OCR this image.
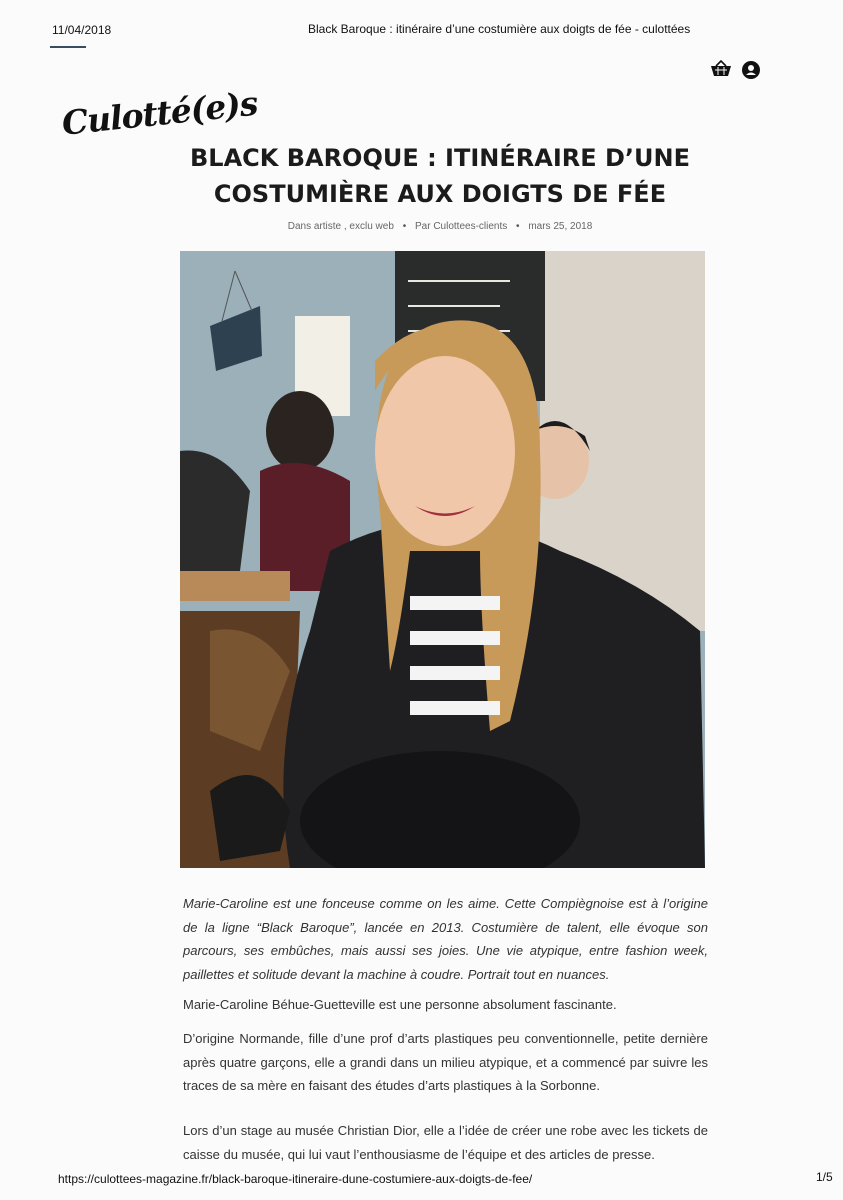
11/04/2018	Black Baroque : itinéraire d’une costumière aux doigts de fée - culottées
Culotté(e)s
BLACK BAROQUE : ITINÉRAIRE D’UNE COSTUMIÈRE AUX DOIGTS DE FÉE
Dans artiste , exclu web • Par Culottees-clients • mars 25, 2018
Marie-Caroline est une fonceuse comme on les aime. Cette Compiègnoise est à l’origine de la ligne “Black Baroque”, lancée en 2013. Costumière de talent, elle évoque son parcours, ses embûches, mais aussi ses joies. Une vie atypique, entre fashion week, paillettes et solitude devant la machine à coudre. Portrait tout en nuances.
Marie-Caroline Béhue-Guetteville est une personne absolument fascinante.
D’origine Normande, fille d’une prof d’arts plastiques peu conventionnelle, petite dernière après quatre garçons, elle a grandi dans un milieu atypique, et a commencé par suivre les traces de sa mère en faisant des études d’arts plastiques à la Sorbonne.
Lors d’un stage au musée Christian Dior, elle a l’idée de créer une robe avec les tickets de caisse du musée, qui lui vaut l’enthousiasme de l’équipe et des articles de presse.
https://culottees-magazine.fr/black-baroque-itineraire-dune-costumiere-aux-doigts-de-fee/	1/5
